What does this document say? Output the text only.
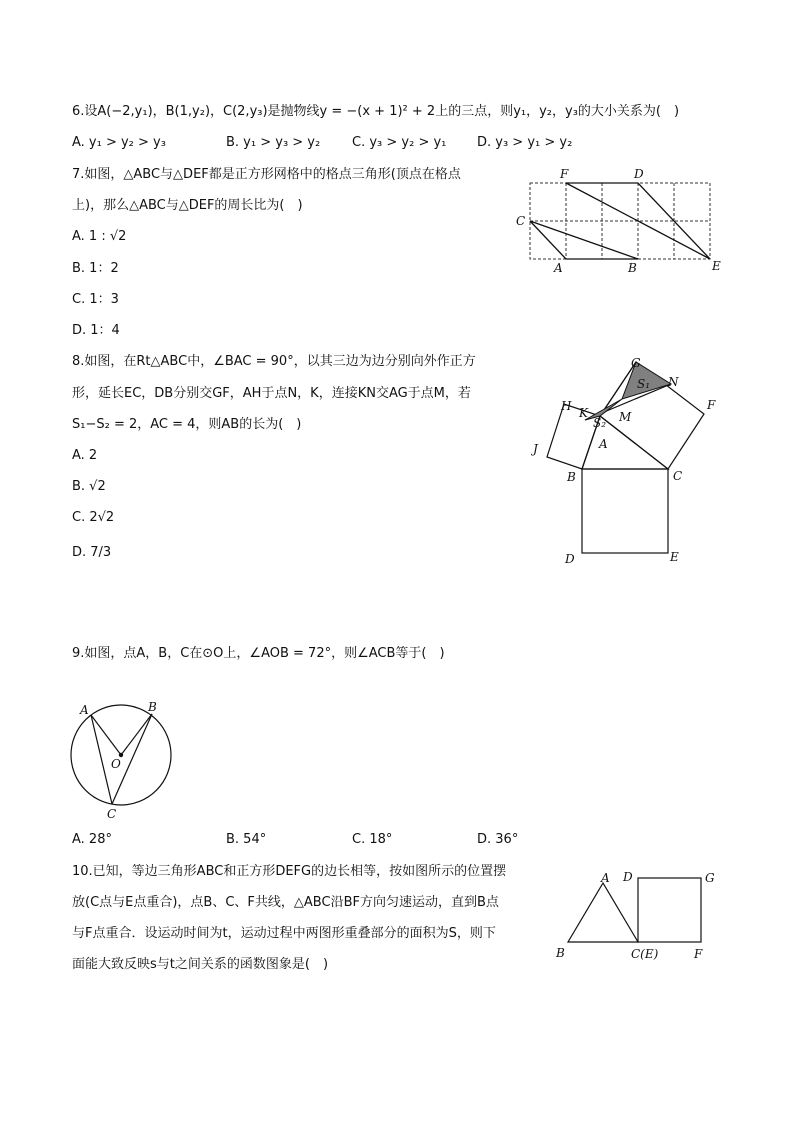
6.设A(−2,y₁)，B(1,y₂)，C(2,y₃)是抛物线y = −(x + 1)² + 2上的三点，则y₁，y₂，y₃的大小关系为(　)
A. y₁ > y₂ > y₃	B. y₁ > y₃ > y₂ C. y₃ > y₂ > y₁ D. y₃ > y₁ > y₂
7.如图，△ABC与△DEF都是正方形网格中的格点三角形(顶点在格点
上)，那么△ABC与△DEF的周长比为(　)
A. 1 : √2
B. 1：2
C. 1：3
D. 1：4
F	D
C
A	B	E
8.如图，在Rt△ABC中，∠BAC = 90°，以其三边为边分别向外作正方
形，延长EC，DB分别交GF，AH于点N，K，连接KN交AG于点M，若
S₁−S₂ = 2，AC = 4，则AB的长为(　)
A. 2
B. √2
C. 2√2
D. 7/3
G
N
F
H K
S₁
S₂ M
A
J
B	C
D	E
9.如图，点A，B，C在⊙O上，∠AOB = 72°，则∠ACB等于(　)
A	B
O
C
A. 28°	B. 54°	C. 18°	D. 36°
10.已知，等边三角形ABC和正方形DEFG的边长相等，按如图所示的位置摆
放(C点与E点重合)，点B、C、F共线，△ABC沿BF方向匀速运动，直到B点
与F点重合．设运动时间为t，运动过程中两图形重叠部分的面积为S，则下
面能大致反映s与t之间关系的函数图象是(　)
A D	G
B	C(E)	F
